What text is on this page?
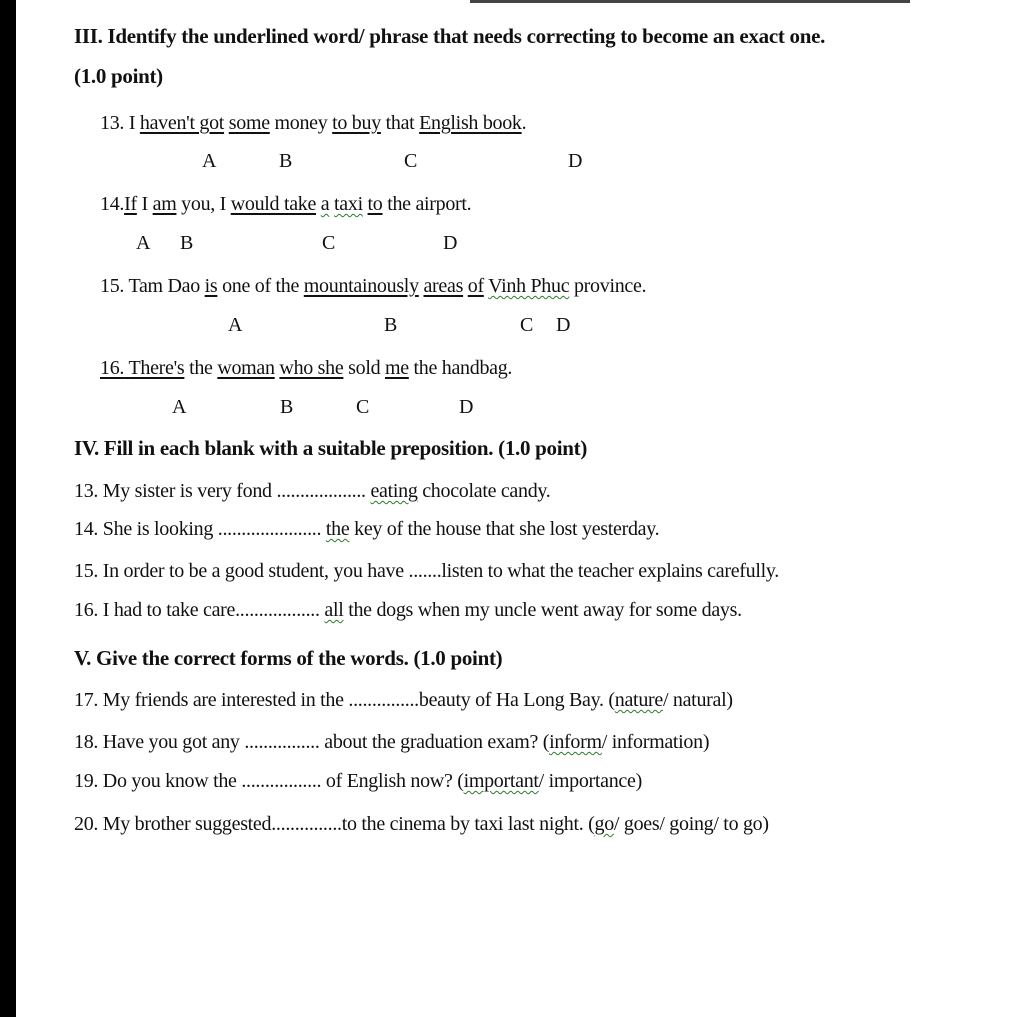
III. Identify the underlined word/ phrase that needs correcting to become an exact one.
(1.0 point)
13. I haven't got some money to buy that English book.
A	B	C	D
14.If I am you, I would take a taxi to the airport.
A B	C	D
15. Tam Dao is one of the mountainously areas of Vinh Phuc province.
A	B	C D
16. There's the woman who she sold me the handbag.
A	B	C	D
IV. Fill in each blank with a suitable preposition. (1.0 point)
13. My sister is very fond ................... eating chocolate candy.
14. She is looking ...................... the key of the house that she lost yesterday.
15. In order to be a good student, you have .......listen to what the teacher explains carefully.
16. I had to take care.................. all the dogs when my uncle went away for some days.
V. Give the correct forms of the words. (1.0 point)
17. My friends are interested in the ...............beauty of Ha Long Bay. (nature/ natural)
18. Have you got any ................ about the graduation exam? (inform/ information)
19. Do you know the ................. of English now? (important/ importance)
20. My brother suggested...............to the cinema by taxi last night. (go/ goes/ going/ to go)
